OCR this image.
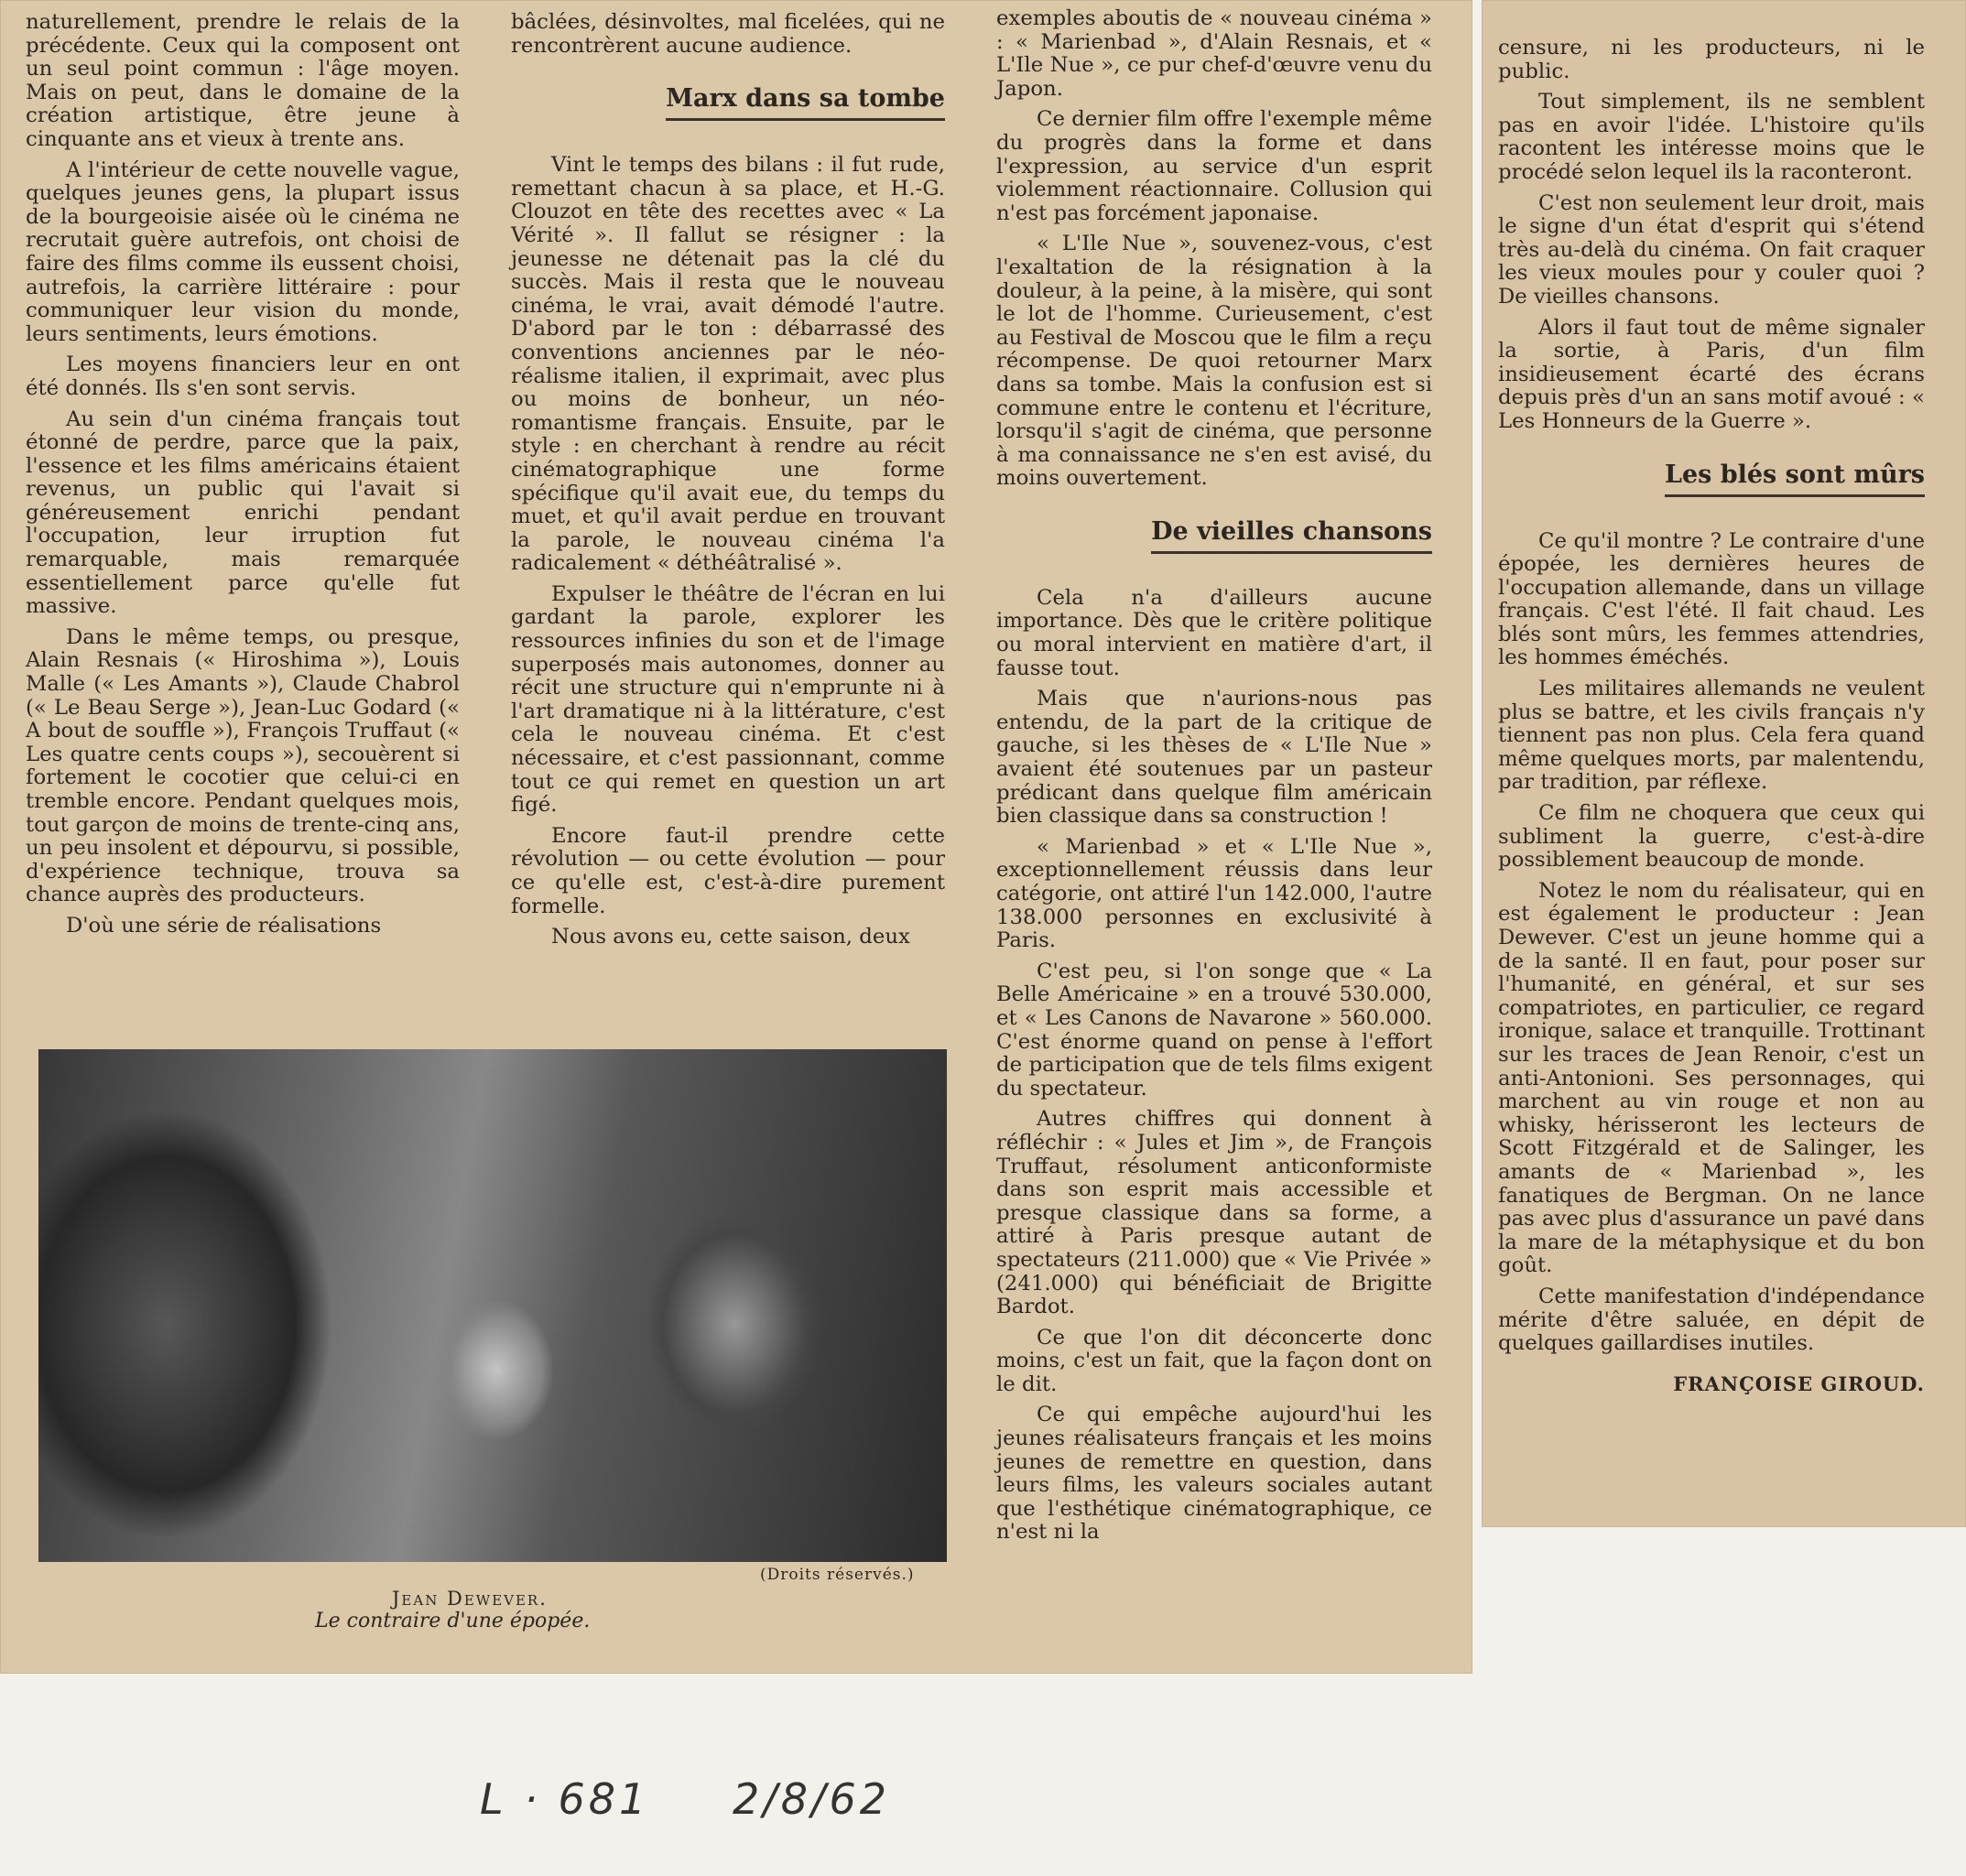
naturellement, prendre le relais de la précédente. Ceux qui la composent ont un seul point commun : l'âge moyen. Mais on peut, dans le domaine de la création artistique, être jeune à cinquante ans et vieux à trente ans.

A l'intérieur de cette nouvelle vague, quelques jeunes gens, la plupart issus de la bourgeoisie aisée où le cinéma ne recrutait guère autrefois, ont choisi de faire des films comme ils eussent choisi, autrefois, la carrière littéraire : pour communiquer leur vision du monde, leurs sentiments, leurs émotions.

Les moyens financiers leur en ont été donnés. Ils s'en sont servis.

Au sein d'un cinéma français tout étonné de perdre, parce que la paix, l'essence et les films américains étaient revenus, un public qui l'avait si généreusement enrichi pendant l'occupation, leur irruption fut remarquable, mais remarquée essentiellement parce qu'elle fut massive.

Dans le même temps, ou presque, Alain Resnais (« Hiroshima »), Louis Malle (« Les Amants »), Claude Chabrol (« Le Beau Serge »), Jean-Luc Godard (« A bout de souffle »), François Truffaut (« Les quatre cents coups »), secouèrent si fortement le cocotier que celui-ci en tremble encore. Pendant quelques mois, tout garçon de moins de trente-cinq ans, un peu insolent et dépourvu, si possible, d'expérience technique, trouva sa chance auprès des producteurs.

D'où une série de réalisations

bâclées, désinvoltes, mal ficelées, qui ne rencontrèrent aucune audience.

Marx dans sa tombe

Vint le temps des bilans : il fut rude, remettant chacun à sa place, et H.-G. Clouzot en tête des recettes avec « La Vérité ». Il fallut se résigner : la jeunesse ne détenait pas la clé du succès. Mais il resta que le nouveau cinéma, le vrai, avait démodé l'autre. D'abord par le ton : débarrassé des conventions anciennes par le néo-réalisme italien, il exprimait, avec plus ou moins de bonheur, un néo-romantisme français. Ensuite, par le style : en cherchant à rendre au récit cinématographique une forme spécifique qu'il avait eue, du temps du muet, et qu'il avait perdue en trouvant la parole, le nouveau cinéma l'a radicalement « déthéâtralisé ».

Expulser le théâtre de l'écran en lui gardant la parole, explorer les ressources infinies du son et de l'image superposés mais autonomes, donner au récit une structure qui n'emprunte ni à l'art dramatique ni à la littérature, c'est cela le nouveau cinéma. Et c'est nécessaire, et c'est passionnant, comme tout ce qui remet en question un art figé.

Encore faut-il prendre cette révolution — ou cette évolution — pour ce qu'elle est, c'est-à-dire purement formelle.

Nous avons eu, cette saison, deux

exemples aboutis de « nouveau cinéma » : « Marienbad », d'Alain Resnais, et « L'Ile Nue », ce pur chef-d'œuvre venu du Japon.

Ce dernier film offre l'exemple même du progrès dans la forme et dans l'expression, au service d'un esprit violemment réactionnaire. Collusion qui n'est pas forcément japonaise.

« L'Ile Nue », souvenez-vous, c'est l'exaltation de la résignation à la douleur, à la peine, à la misère, qui sont le lot de l'homme. Curieusement, c'est au Festival de Moscou que le film a reçu récompense. De quoi retourner Marx dans sa tombe. Mais la confusion est si commune entre le contenu et l'écriture, lorsqu'il s'agit de cinéma, que personne à ma connaissance ne s'en est avisé, du moins ouvertement.

De vieilles chansons

Cela n'a d'ailleurs aucune importance. Dès que le critère politique ou moral intervient en matière d'art, il fausse tout.

Mais que n'aurions-nous pas entendu, de la part de la critique de gauche, si les thèses de « L'Ile Nue » avaient été soutenues par un pasteur prédicant dans quelque film américain bien classique dans sa construction !

« Marienbad » et « L'Ile Nue », exceptionnellement réussis dans leur catégorie, ont attiré l'un 142.000, l'autre 138.000 personnes en exclusivité à Paris.

C'est peu, si l'on songe que « La Belle Américaine » en a trouvé 530.000, et « Les Canons de Navarone » 560.000. C'est énorme quand on pense à l'effort de participation que de tels films exigent du spectateur.

Autres chiffres qui donnent à réfléchir : « Jules et Jim », de François Truffaut, résolument anticonformiste dans son esprit mais accessible et presque classique dans sa forme, a attiré à Paris presque autant de spectateurs (211.000) que « Vie Privée » (241.000) qui bénéficiait de Brigitte Bardot.

Ce que l'on dit déconcerte donc moins, c'est un fait, que la façon dont on le dit.

Ce qui empêche aujourd'hui les jeunes réalisateurs français et les moins jeunes de remettre en question, dans leurs films, les valeurs sociales autant que l'esthétique cinématographique, ce n'est ni la

censure, ni les producteurs, ni le public.

Tout simplement, ils ne semblent pas en avoir l'idée. L'histoire qu'ils racontent les intéresse moins que le procédé selon lequel ils la raconteront.

C'est non seulement leur droit, mais le signe d'un état d'esprit qui s'étend très au-delà du cinéma. On fait craquer les vieux moules pour y couler quoi ? De vieilles chansons.

Alors il faut tout de même signaler la sortie, à Paris, d'un film insidieusement écarté des écrans depuis près d'un an sans motif avoué : « Les Honneurs de la Guerre ».

Les blés sont mûrs

Ce qu'il montre ? Le contraire d'une épopée, les dernières heures de l'occupation allemande, dans un village français. C'est l'été. Il fait chaud. Les blés sont mûrs, les femmes attendries, les hommes éméchés.

Les militaires allemands ne veulent plus se battre, et les civils français n'y tiennent pas non plus. Cela fera quand même quelques morts, par malentendu, par tradition, par réflexe.

Ce film ne choquera que ceux qui subliment la guerre, c'est-à-dire possiblement beaucoup de monde.

Notez le nom du réalisateur, qui en est également le producteur : Jean Dewever. C'est un jeune homme qui a de la santé. Il en faut, pour poser sur l'humanité, en général, et sur ses compatriotes, en particulier, ce regard ironique, salace et tranquille. Trottinant sur les traces de Jean Renoir, c'est un anti-Antonioni. Ses personnages, qui marchent au vin rouge et non au whisky, hérisseront les lecteurs de Scott Fitzgérald et de Salinger, les amants de « Marienbad », les fanatiques de Bergman. On ne lance pas avec plus d'assurance un pavé dans la mare de la métaphysique et du bon goût.

Cette manifestation d'indépendance mérite d'être saluée, en dépit de quelques gaillardises inutiles.

FRANÇOISE GIROUD.
(Droits réservés.)
Jean Dewever.
Le contraire d'une épopée.
L · 681 2/8/62
